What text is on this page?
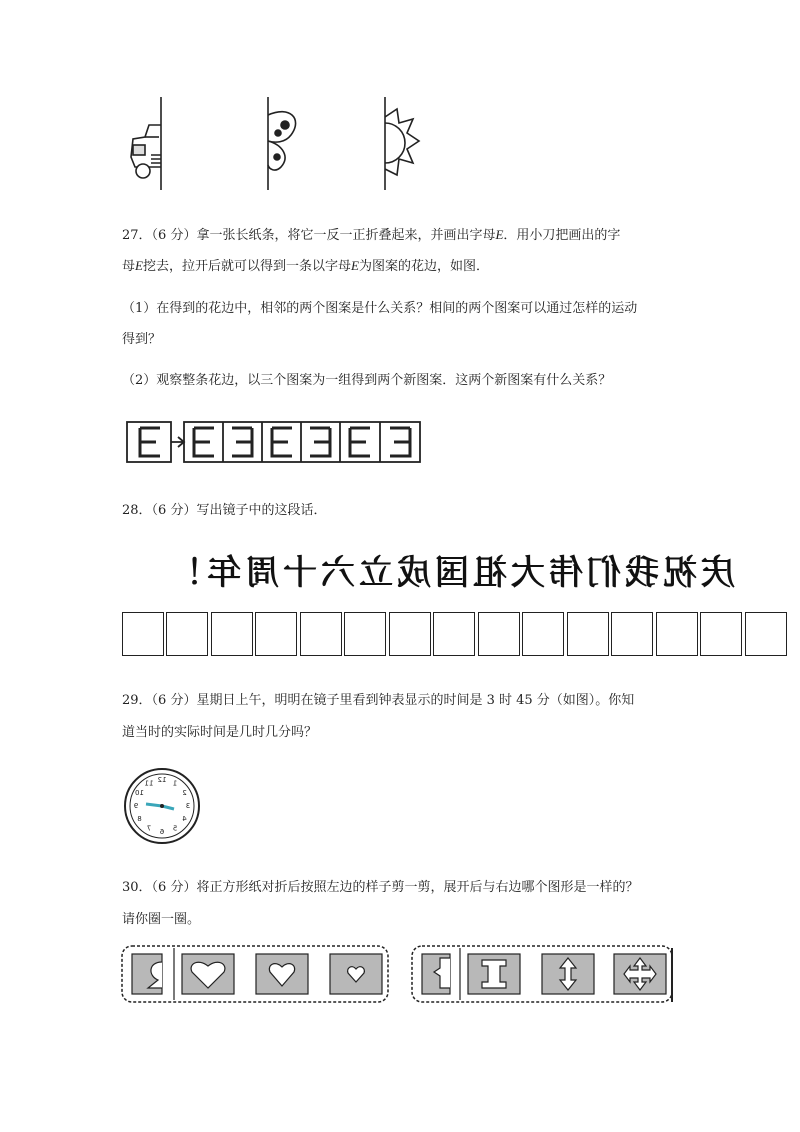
27．（6 分）拿一张长纸条，将它一反一正折叠起来，并画出字母E．用小刀把画出的字
母E挖去，拉开后就可以得到一条以字母E为图案的花边，如图．
（1）在得到的花边中，相邻的两个图案是什么关系？相间的两个图案可以通过怎样的运动
得到？
（2）观察整条花边，以三个图案为一组得到两个新图案．这两个新图案有什么关系？
28．（6 分）写出镜子中的这段话．
庆祝我们伟大祖国成立六十周年！
29．（6 分）星期日上午，明明在镜子里看到钟表显示的时间是 3 时 45 分（如图）。你知
道当时的实际时间是几时几分吗？
12
11
10
9
8
7 6 5
4
3
2
1
30．（6 分）将正方形纸对折后按照左边的样子剪一剪，展开后与右边哪个图形是一样的？
请你圈一圈。
